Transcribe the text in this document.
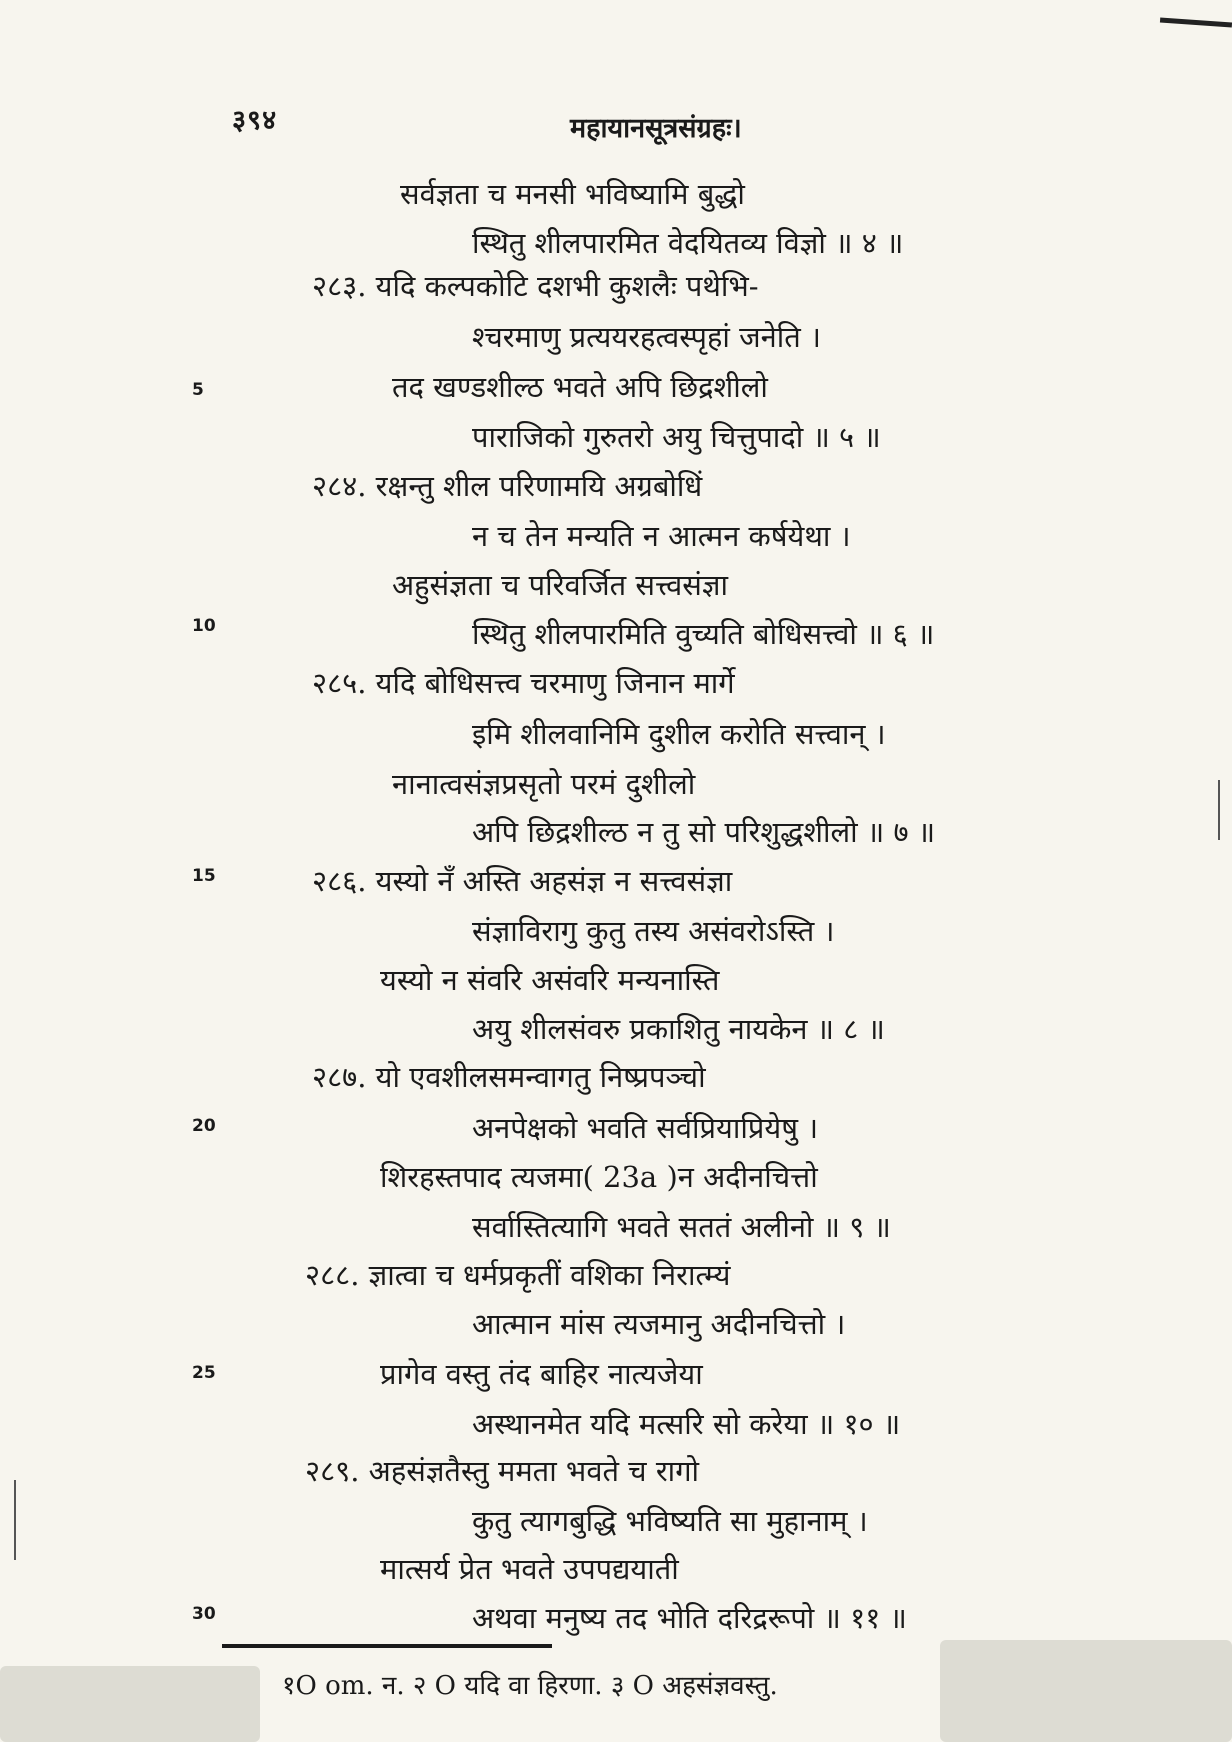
३९४	महायानसूत्रसंग्रहः।
सर्वज्ञता च मनसी भविष्यामि बुद्धो
स्थितु शीलपारमित वेदयितव्य विज्ञो ॥ ४ ॥
२८३. यदि कल्पकोटि दशभी कुशलैः पथेभि-
श्चरमाणु प्रत्ययरहत्वस्पृहां जनेति ।
तद खण्डशील्ठ भवते अपि छिद्रशीलो
पाराजिको गुरुतरो अयु चित्तुपादो ॥ ५ ॥
२८४. रक्षन्तु शील परिणामयि अग्रबोधिं
न च तेन मन्यति न आत्मन कर्षयेथा ।
अहुसंज्ञता च परिवर्जित सत्त्वसंज्ञा
स्थितु शीलपारमिति वुच्यति बोधिसत्त्वो ॥ ६ ॥
२८५. यदि बोधिसत्त्व चरमाणु जिनान मार्गे
इमि शीलवानिमि दुशील करोति सत्त्वान् ।
नानात्वसंज्ञप्रसृतो परमं दुशीलो
अपि छिद्रशील्ठ न तु सो परिशुद्धशीलो ॥ ७ ॥
२८६. यस्यो नँ अस्ति अहसंज्ञ न सत्त्वसंज्ञा
संज्ञाविरागु कुतु तस्य असंवरोऽस्ति ।
यस्यो न संवरि असंवरि मन्यनास्ति
अयु शीलसंवरु प्रकाशितु नायकेन ॥ ८ ॥
२८७. यो एवशीलसमन्वागतु निष्प्रपञ्चो
अनपेक्षको भवति सर्वप्रियाप्रियेषु ।
शिरहस्तपाद त्यजमा( 23a )न अदीनचित्तो
सर्वास्तित्यागि भवते सततं अलीनो ॥ ९ ॥
२८८. ज्ञात्वा च धर्मप्रकृतीं वशिका निरात्म्यं
आत्मान मांस त्यजमानु अदीनचित्तो ।
प्रागेव वस्तु तंद बाहिर नात्यजेया
अस्थानमेत यदि मत्सरि सो करेया ॥ १० ॥
२८९. अहसंज्ञतैस्तु ममता भवते च रागो
कुतु त्यागबुद्धि भविष्यति सा मुहानाम् ।
मात्सर्य प्रेत भवते उपपद्ययाती
अथवा मनुष्य तद भोति दरिद्ररूपो ॥ ११ ॥
5
10
15
20
25
30
१O om. न. २ O यदि वा हिरणा. ३ O अहसंज्ञवस्तु.
